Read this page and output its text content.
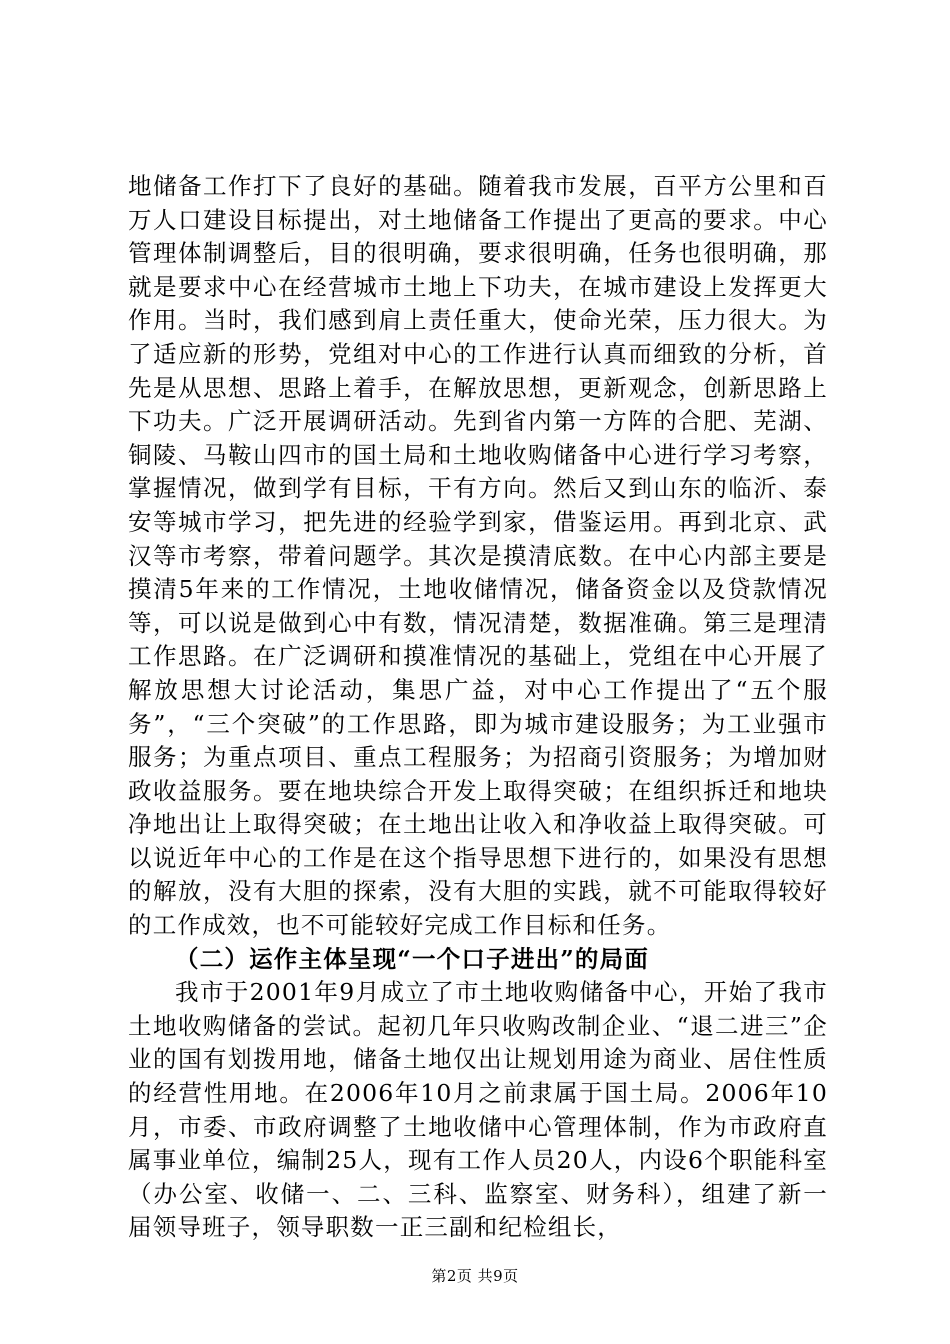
地储备工作打下了良好的基础。随着我市发展，百平方公里和百万人口建设目标提出，对土地储备工作提出了更高的要求。中心管理体制调整后，目的很明确，要求很明确，任务也很明确，那就是要求中心在经营城市土地上下功夫，在城市建设上发挥更大作用。当时，我们感到肩上责任重大，使命光荣，压力很大。为了适应新的形势，党组对中心的工作进行认真而细致的分析，首先是从思想、思路上着手，在解放思想，更新观念，创新思路上下功夫。广泛开展调研活动。先到省内第一方阵的合肥、芜湖、铜陵、马鞍山四市的国土局和土地收购储备中心进行学习考察，掌握情况，做到学有目标，干有方向。然后又到山东的临沂、泰安等城市学习，把先进的经验学到家，借鉴运用。再到北京、武汉等市考察，带着问题学。其次是摸清底数。在中心内部主要是摸清5年来的工作情况，土地收储情况，储备资金以及贷款情况等，可以说是做到心中有数，情况清楚，数据准确。第三是理清工作思路。在广泛调研和摸准情况的基础上，党组在中心开展了解放思想大讨论活动，集思广益，对中心工作提出了“五个服务”，“三个突破”的工作思路，即为城市建设服务；为工业强市服务；为重点项目、重点工程服务；为招商引资服务；为增加财政收益服务。要在地块综合开发上取得突破；在组织拆迁和地块净地出让上取得突破；在土地出让收入和净收益上取得突破。可以说近年中心的工作是在这个指导思想下进行的，如果没有思想的解放，没有大胆的探索，没有大胆的实践，就不可能取得较好的工作成效，也不可能较好完成工作目标和任务。

（二）运作主体呈现“一个口子进出”的局面

我市于2001年9月成立了市土地收购储备中心，开始了我市土地收购储备的尝试。起初几年只收购改制企业、“退二进三”企业的国有划拨用地，储备土地仅出让规划用途为商业、居住性质的经营性用地。在2006年10月之前隶属于国土局。2006年10月，市委、市政府调整了土地收储中心管理体制，作为市政府直属事业单位，编制25人，现有工作人员20人，内设6个职能科室（办公室、收储一、二、三科、监察室、财务科），组建了新一届领导班子，领导职数一正三副和纪检组长，

第2页 共9页
